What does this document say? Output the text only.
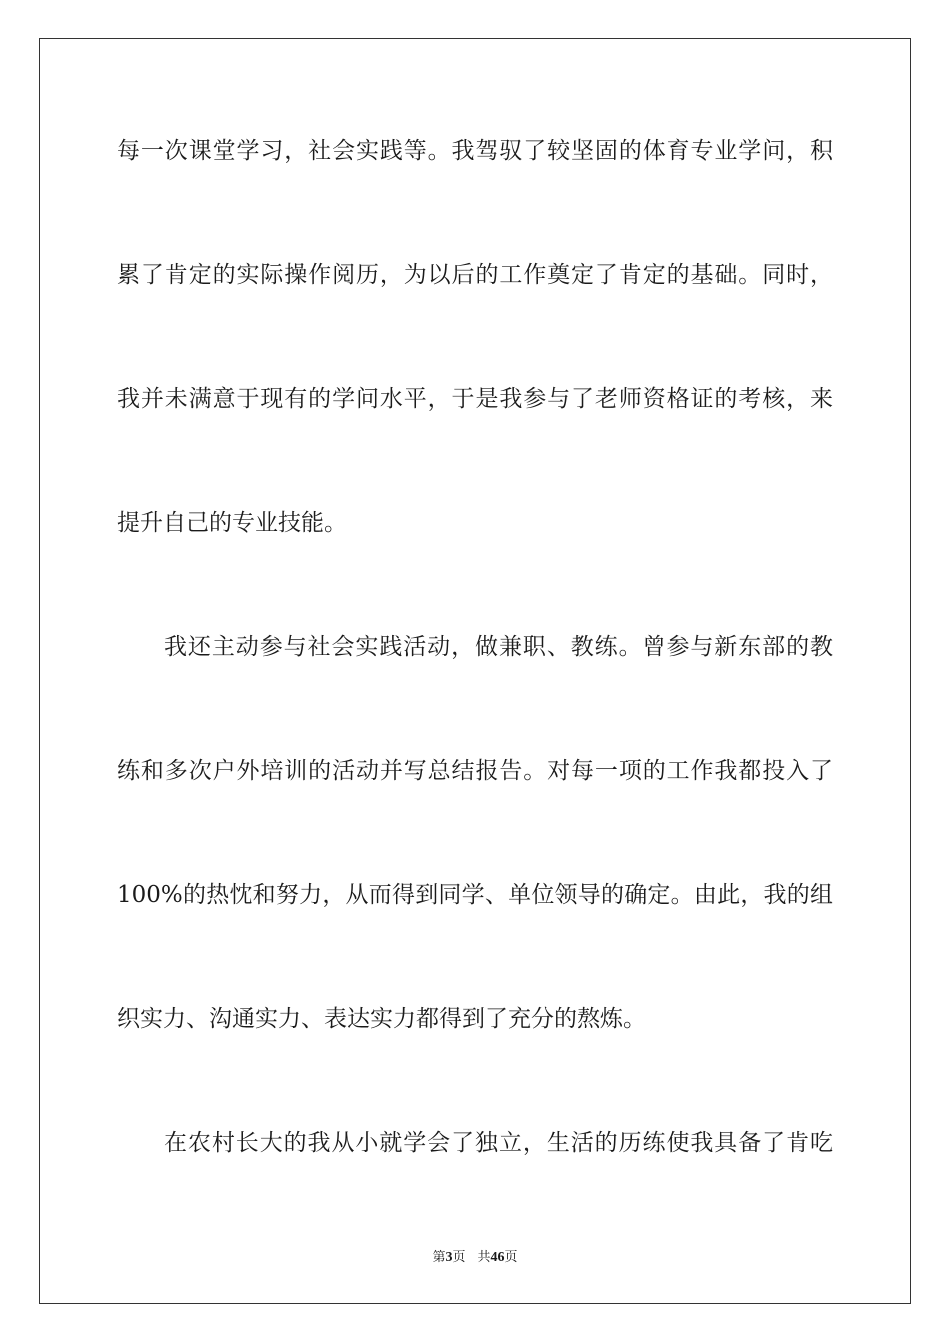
每一次课堂学习，社会实践等。我驾驭了较坚固的体育专业学问，积
累了肯定的实际操作阅历，为以后的工作奠定了肯定的基础。同时，
我并未满意于现有的学问水平，于是我参与了老师资格证的考核，来
提升自己的专业技能。
我还主动参与社会实践活动，做兼职、教练。曾参与新东部的教
练和多次户外培训的活动并写总结报告。对每一项的工作我都投入了
100%的热忱和努力，从而得到同学、单位领导的确定。由此，我的组
织实力、沟通实力、表达实力都得到了充分的熬炼。
在农村长大的我从小就学会了独立，生活的历练使我具备了肯吃
第3页 共46页
